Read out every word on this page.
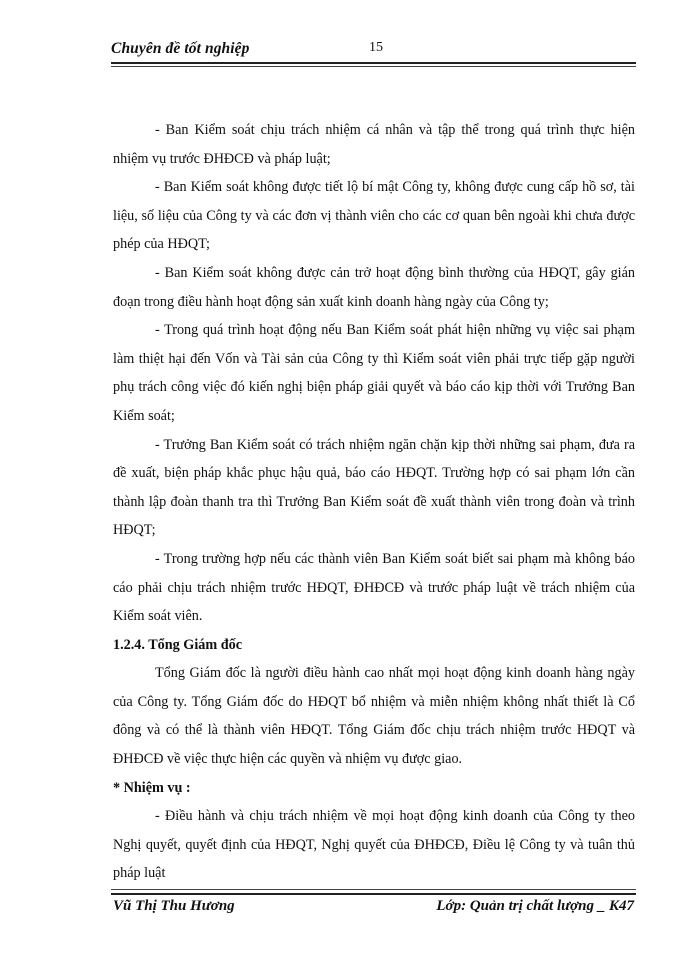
Chuyên đề tốt nghiệp	15

- Ban Kiểm soát chịu trách nhiệm cá nhân và tập thể trong quá trình thực hiện nhiệm vụ trước ĐHĐCĐ và pháp luật;

- Ban Kiểm soát không được tiết lộ bí mật Công ty, không được cung cấp hồ sơ, tài liệu, số liệu của Công ty và các đơn vị thành viên cho các cơ quan bên ngoài khi chưa được phép của HĐQT;

- Ban Kiểm soát không được cản trở hoạt động bình thường của HĐQT, gây gián đoạn trong điều hành hoạt động sản xuất kinh doanh hàng ngày của Công ty;

- Trong quá trình hoạt động nếu Ban Kiểm soát phát hiện những vụ việc sai phạm làm thiệt hại đến Vốn và Tài sản của Công ty thì Kiểm soát viên phải trực tiếp gặp người phụ trách công việc đó kiến nghị biện pháp giải quyết và báo cáo kịp thời với Trưởng Ban Kiểm soát;

- Trưởng Ban Kiểm soát có trách nhiệm ngăn chặn kịp thời những sai phạm, đưa ra đề xuất, biện pháp khắc phục hậu quả, báo cáo HĐQT. Trường hợp có sai phạm lớn cần thành lập đoàn thanh tra thì Trưởng Ban Kiểm soát đề xuất thành viên trong đoàn và trình HĐQT;

- Trong trường hợp nếu các thành viên Ban Kiểm soát biết sai phạm mà không báo cáo phải chịu trách nhiệm trước HĐQT, ĐHĐCĐ và trước pháp luật về trách nhiệm của Kiểm soát viên.

1.2.4. Tổng Giám đốc

Tổng Giám đốc là người điều hành cao nhất mọi hoạt động kinh doanh hàng ngày của Công ty. Tổng Giám đốc do HĐQT bổ nhiệm và miễn nhiệm không nhất thiết là Cổ đông và có thể là thành viên HĐQT. Tổng Giám đốc chịu trách nhiệm trước HĐQT và ĐHĐCĐ về việc thực hiện các quyền và nhiệm vụ được giao.

* Nhiệm vụ :

- Điều hành và chịu trách nhiệm về mọi hoạt động kinh doanh của Công ty theo Nghị quyết, quyết định của HĐQT, Nghị quyết của ĐHĐCĐ, Điều lệ Công ty và tuân thủ pháp luật

Vũ Thị Thu Hương	Lớp: Quản trị chất lượng _ K47
